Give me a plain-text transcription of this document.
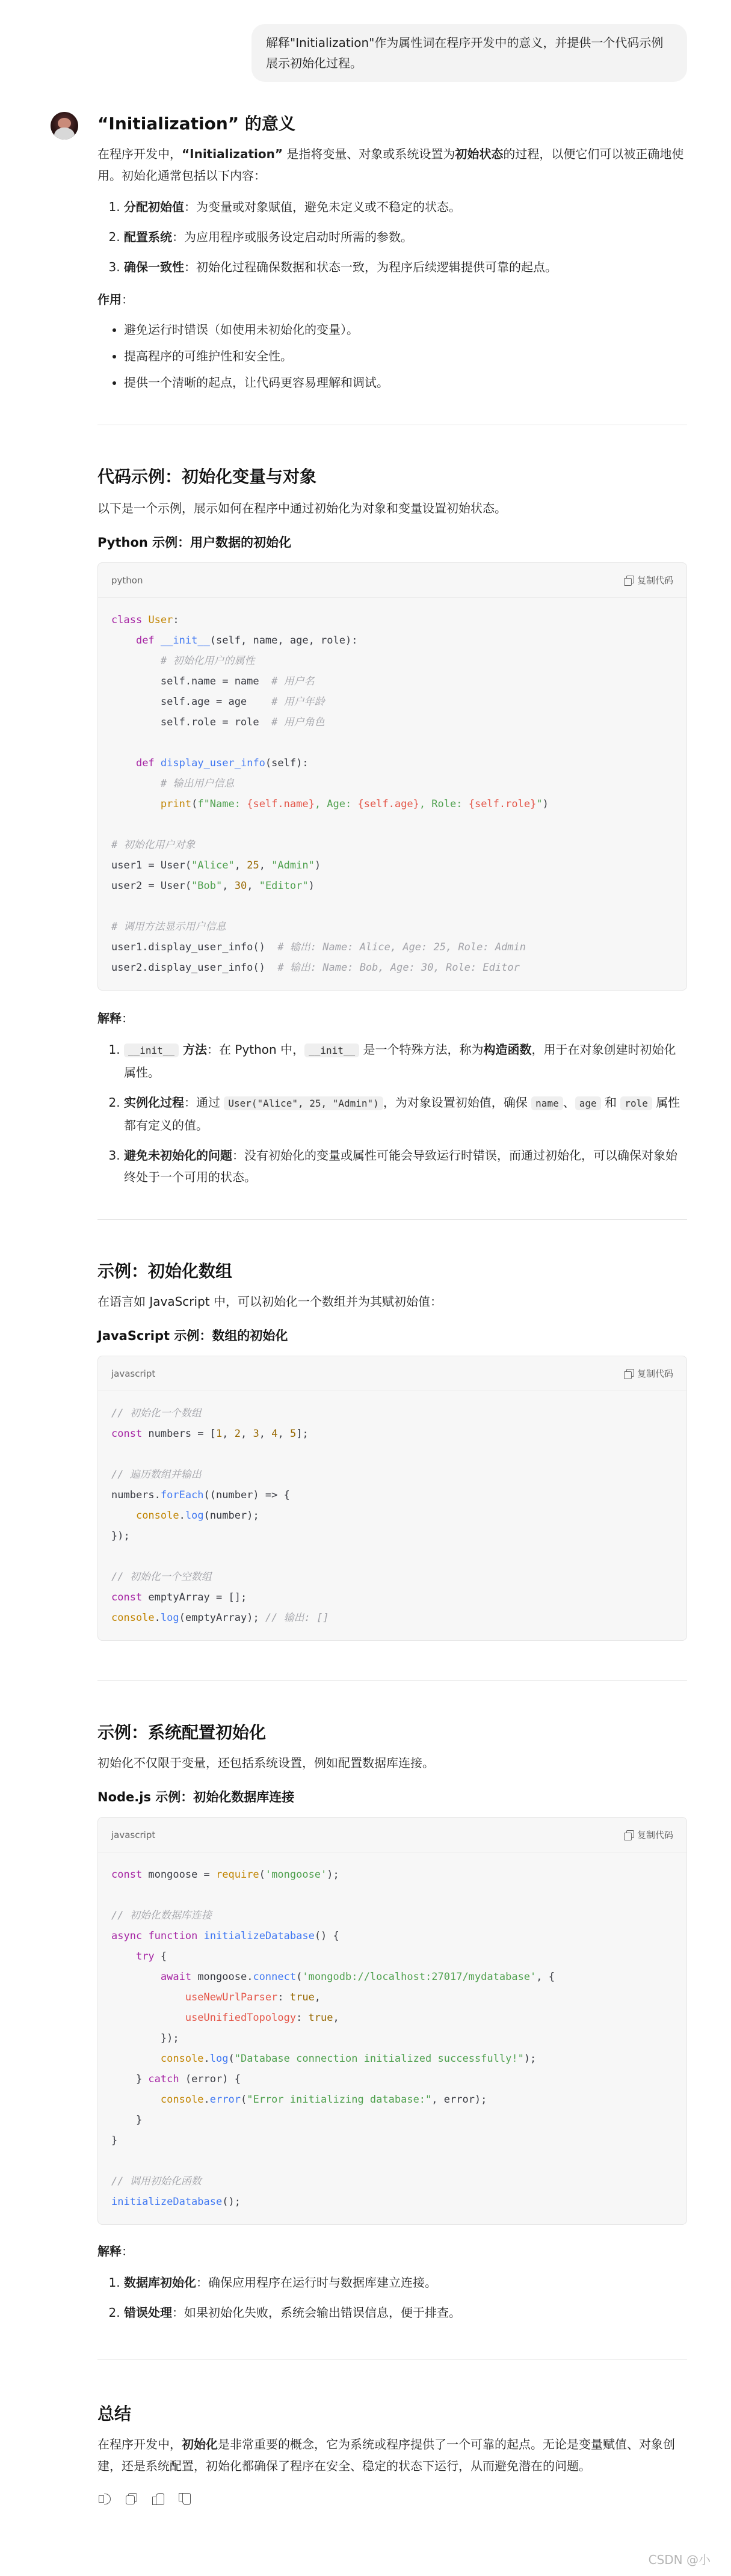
解释"Initialization"作为属性词在程序开发中的意义，并提供一个代码示例展示初始化过程。
“Initialization” 的意义
在程序开发中，“Initialization” 是指将变量、对象或系统设置为初始状态的过程，以便它们可以被正确地使用。初始化通常包括以下内容：
1. 分配初始值：为变量或对象赋值，避免未定义或不稳定的状态。
2. 配置系统：为应用程序或服务设定启动时所需的参数。
3. 确保一致性：初始化过程确保数据和状态一致，为程序后续逻辑提供可靠的起点。
作用：
• 避免运行时错误（如使用未初始化的变量）。
• 提高程序的可维护性和安全性。
• 提供一个清晰的起点，让代码更容易理解和调试。
代码示例：初始化变量与对象
以下是一个示例，展示如何在程序中通过初始化为对象和变量设置初始状态。
Python 示例：用户数据的初始化
python	复制代码
class User:
def __init__(self, name, age, role):
# 初始化用户的属性
self.name = name  # 用户名
self.age = age    # 用户年龄
self.role = role  # 用户角色

def display_user_info(self):
# 输出用户信息
print(f"Name: {self.name}, Age: {self.age}, Role: {self.role}")

# 初始化用户对象
user1 = User("Alice", 25, "Admin")
user2 = User("Bob", 30, "Editor")

# 调用方法显示用户信息
user1.display_user_info()  # 输出: Name: Alice, Age: 25, Role: Admin
user2.display_user_info()  # 输出: Name: Bob, Age: 30, Role: Editor
解释：
1. __init__ 方法：在 Python 中， __init__ 是一个特殊方法，称为构造函数，用于在对象创建时初始化属性。
2. 实例化过程：通过 User("Alice", 25, "Admin") ，为对象设置初始值，确保 name 、 age 和 role 属性都有定义的值。
3. 避免未初始化的问题：没有初始化的变量或属性可能会导致运行时错误，而通过初始化，可以确保对象始终处于一个可用的状态。
示例：初始化数组
在语言如 JavaScript 中，可以初始化一个数组并为其赋初始值：
JavaScript 示例：数组的初始化
javascript	复制代码
// 初始化一个数组
const numbers = [1, 2, 3, 4, 5];

// 遍历数组并输出
numbers.forEach((number) => {
console.log(number);
});

// 初始化一个空数组
const emptyArray = [];
console.log(emptyArray); // 输出: []
示例：系统配置初始化
初始化不仅限于变量，还包括系统设置，例如配置数据库连接。
Node.js 示例：初始化数据库连接
javascript	复制代码
const mongoose = require('mongoose');

// 初始化数据库连接
async function initializeDatabase() {
try {
await mongoose.connect('mongodb://localhost:27017/mydatabase', {
useNewUrlParser: true,
useUnifiedTopology: true,
});
console.log("Database connection initialized successfully!");
} catch (error) {
console.error("Error initializing database:", error);
}
}

// 调用初始化函数
initializeDatabase();
解释：
1. 数据库初始化：确保应用程序在运行时与数据库建立连接。
2. 错误处理：如果初始化失败，系统会输出错误信息，便于排查。
总结
在程序开发中，初始化是非常重要的概念，它为系统或程序提供了一个可靠的起点。无论是变量赋值、对象创建，还是系统配置，初始化都确保了程序在安全、稳定的状态下运行，从而避免潜在的问题。
CSDN @小
